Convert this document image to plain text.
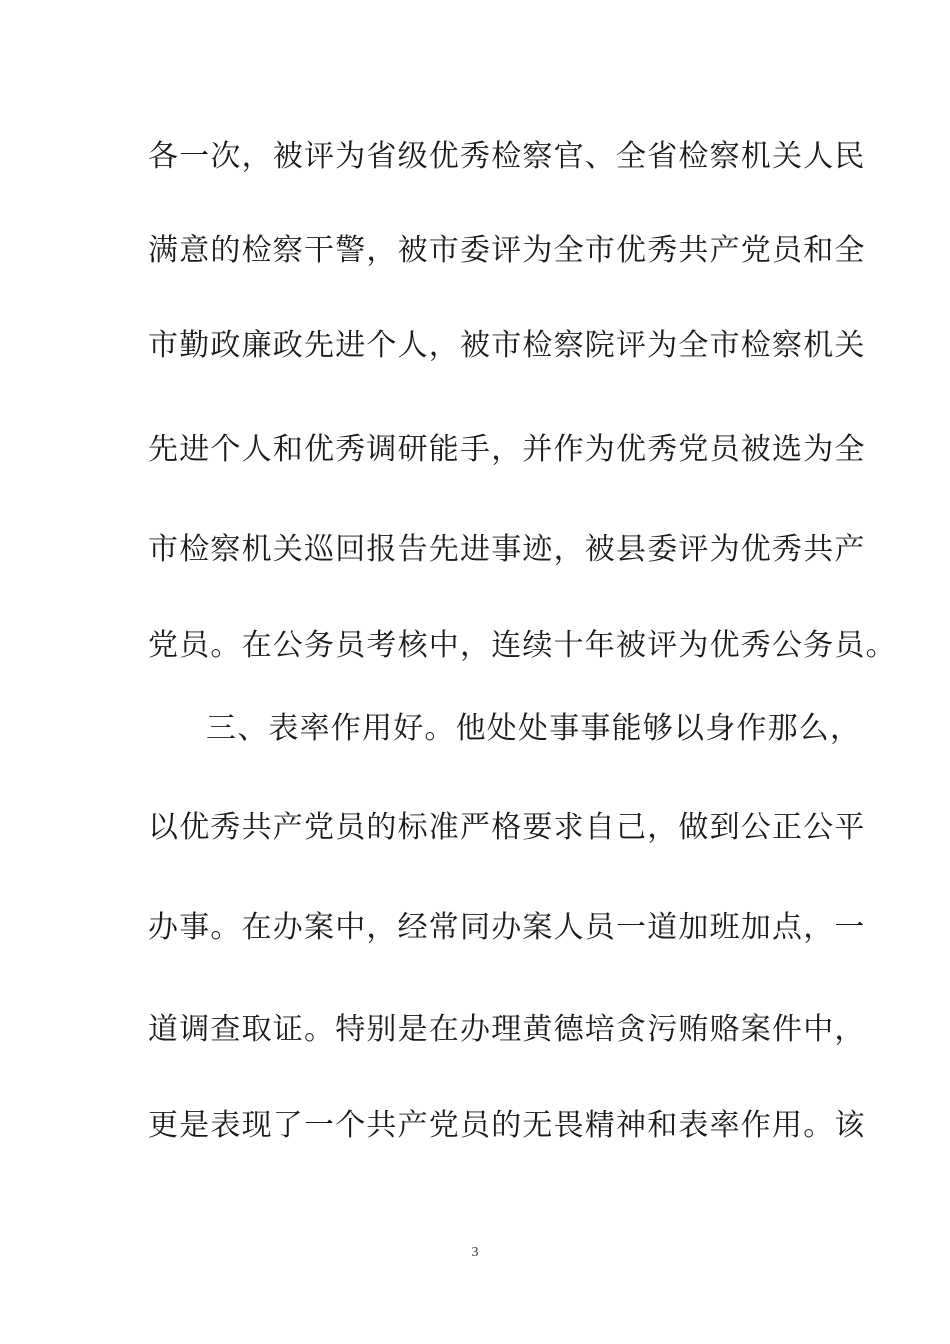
各一次，被评为省级优秀检察官、全省检察机关人民
满意的检察干警，被市委评为全市优秀共产党员和全
市勤政廉政先进个人，被市检察院评为全市检察机关
先进个人和优秀调研能手，并作为优秀党员被选为全
市检察机关巡回报告先进事迹，被县委评为优秀共产
党员。在公务员考核中，连续十年被评为优秀公务员。
三、表率作用好。他处处事事能够以身作那么，
以优秀共产党员的标准严格要求自己，做到公正公平
办事。在办案中，经常同办案人员一道加班加点，一
道调查取证。特别是在办理黄德培贪污贿赂案件中，
更是表现了一个共产党员的无畏精神和表率作用。该
3
